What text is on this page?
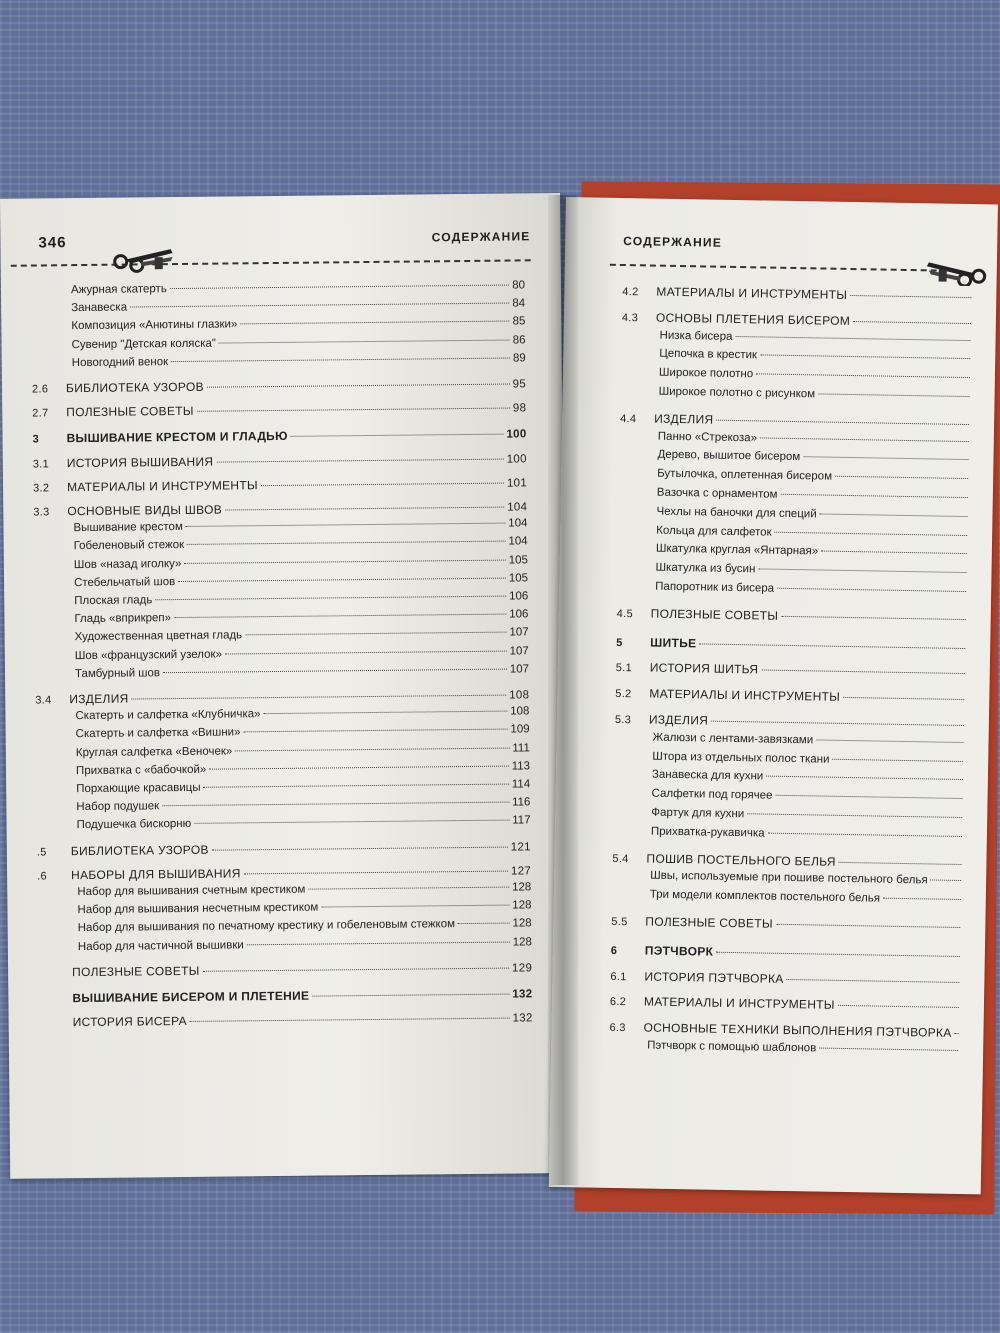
346	СОДЕРЖАНИЕ
Ажурная скатерть	80
Занавеска	84
Композиция «Анютины глазки»	85
Сувенир "Детская коляска"	86
Новогодний венок	89
2.6	БИБЛИОТЕКА УЗОРОВ	95
2.7	ПОЛЕЗНЫЕ СОВЕТЫ	98
3	ВЫШИВАНИЕ КРЕСТОМ И ГЛАДЬЮ	100
3.1	ИСТОРИЯ ВЫШИВАНИЯ	100
3.2	МАТЕРИАЛЫ И ИНСТРУМЕНТЫ	101
3.3	ОСНОВНЫЕ ВИДЫ ШВОВ	104
Вышивание крестом	104
Гобеленовый стежок	104
Шов «назад иголку»	105
Стебельчатый шов	105
Плоская гладь	106
Гладь «вприкреп»	106
Художественная цветная гладь	107
Шов «французский узелок»	107
Тамбурный шов	107
3.4	ИЗДЕЛИЯ	108
Скатерть и салфетка «Клубничка»	108
Скатерть и салфетка «Вишни»	109
Круглая салфетка «Веночек»	111
Прихватка с «бабочкой»	113
Порхающие красавицы	114
Набор подушек	116
Подушечка бискорню	117
.5	БИБЛИОТЕКА УЗОРОВ	121
.6	НАБОРЫ ДЛЯ ВЫШИВАНИЯ	127
Набор для вышивания счетным крестиком	128
Набор для вышивания несчетным крестиком	128
Набор для вышивания по печатному крестику и гобеленовым стежком	128
Набор для частичной вышивки	128
ПОЛЕЗНЫЕ СОВЕТЫ	129
ВЫШИВАНИЕ БИСЕРОМ И ПЛЕТЕНИЕ	132
ИСТОРИЯ БИСЕРА	132
СОДЕРЖАНИЕ
4.2	МАТЕРИАЛЫ И ИНСТРУМЕНТЫ
4.3	ОСНОВЫ ПЛЕТЕНИЯ БИСЕРОМ
Низка бисера
Цепочка в крестик
Широкое полотно
Широкое полотно с рисунком
4.4	ИЗДЕЛИЯ
Панно «Стрекоза»
Дерево, вышитое бисером
Бутылочка, оплетенная бисером
Вазочка с орнаментом
Чехлы на баночки для специй
Кольца для салфеток
Шкатулка круглая «Янтарная»
Шкатулка из бусин
Папоротник из бисера
4.5	ПОЛЕЗНЫЕ СОВЕТЫ
5	ШИТЬЕ
5.1	ИСТОРИЯ ШИТЬЯ
5.2	МАТЕРИАЛЫ И ИНСТРУМЕНТЫ
5.3	ИЗДЕЛИЯ
Жалюзи с лентами-завязками
Штора из отдельных полос ткани
Занавеска для кухни
Салфетки под горячее
Фартук для кухни
Прихватка-рукавичка
5.4	ПОШИВ ПОСТЕЛЬНОГО БЕЛЬЯ
Швы, используемые при пошиве постельного белья
Три модели комплектов постельного белья
5.5	ПОЛЕЗНЫЕ СОВЕТЫ
6	ПЭТЧВОРК
6.1	ИСТОРИЯ ПЭТЧВОРКА
6.2	МАТЕРИАЛЫ И ИНСТРУМЕНТЫ
6.3	ОСНОВНЫЕ ТЕХНИКИ ВЫПОЛНЕНИЯ ПЭТЧВОРКА
Пэтчворк с помощью шаблонов
